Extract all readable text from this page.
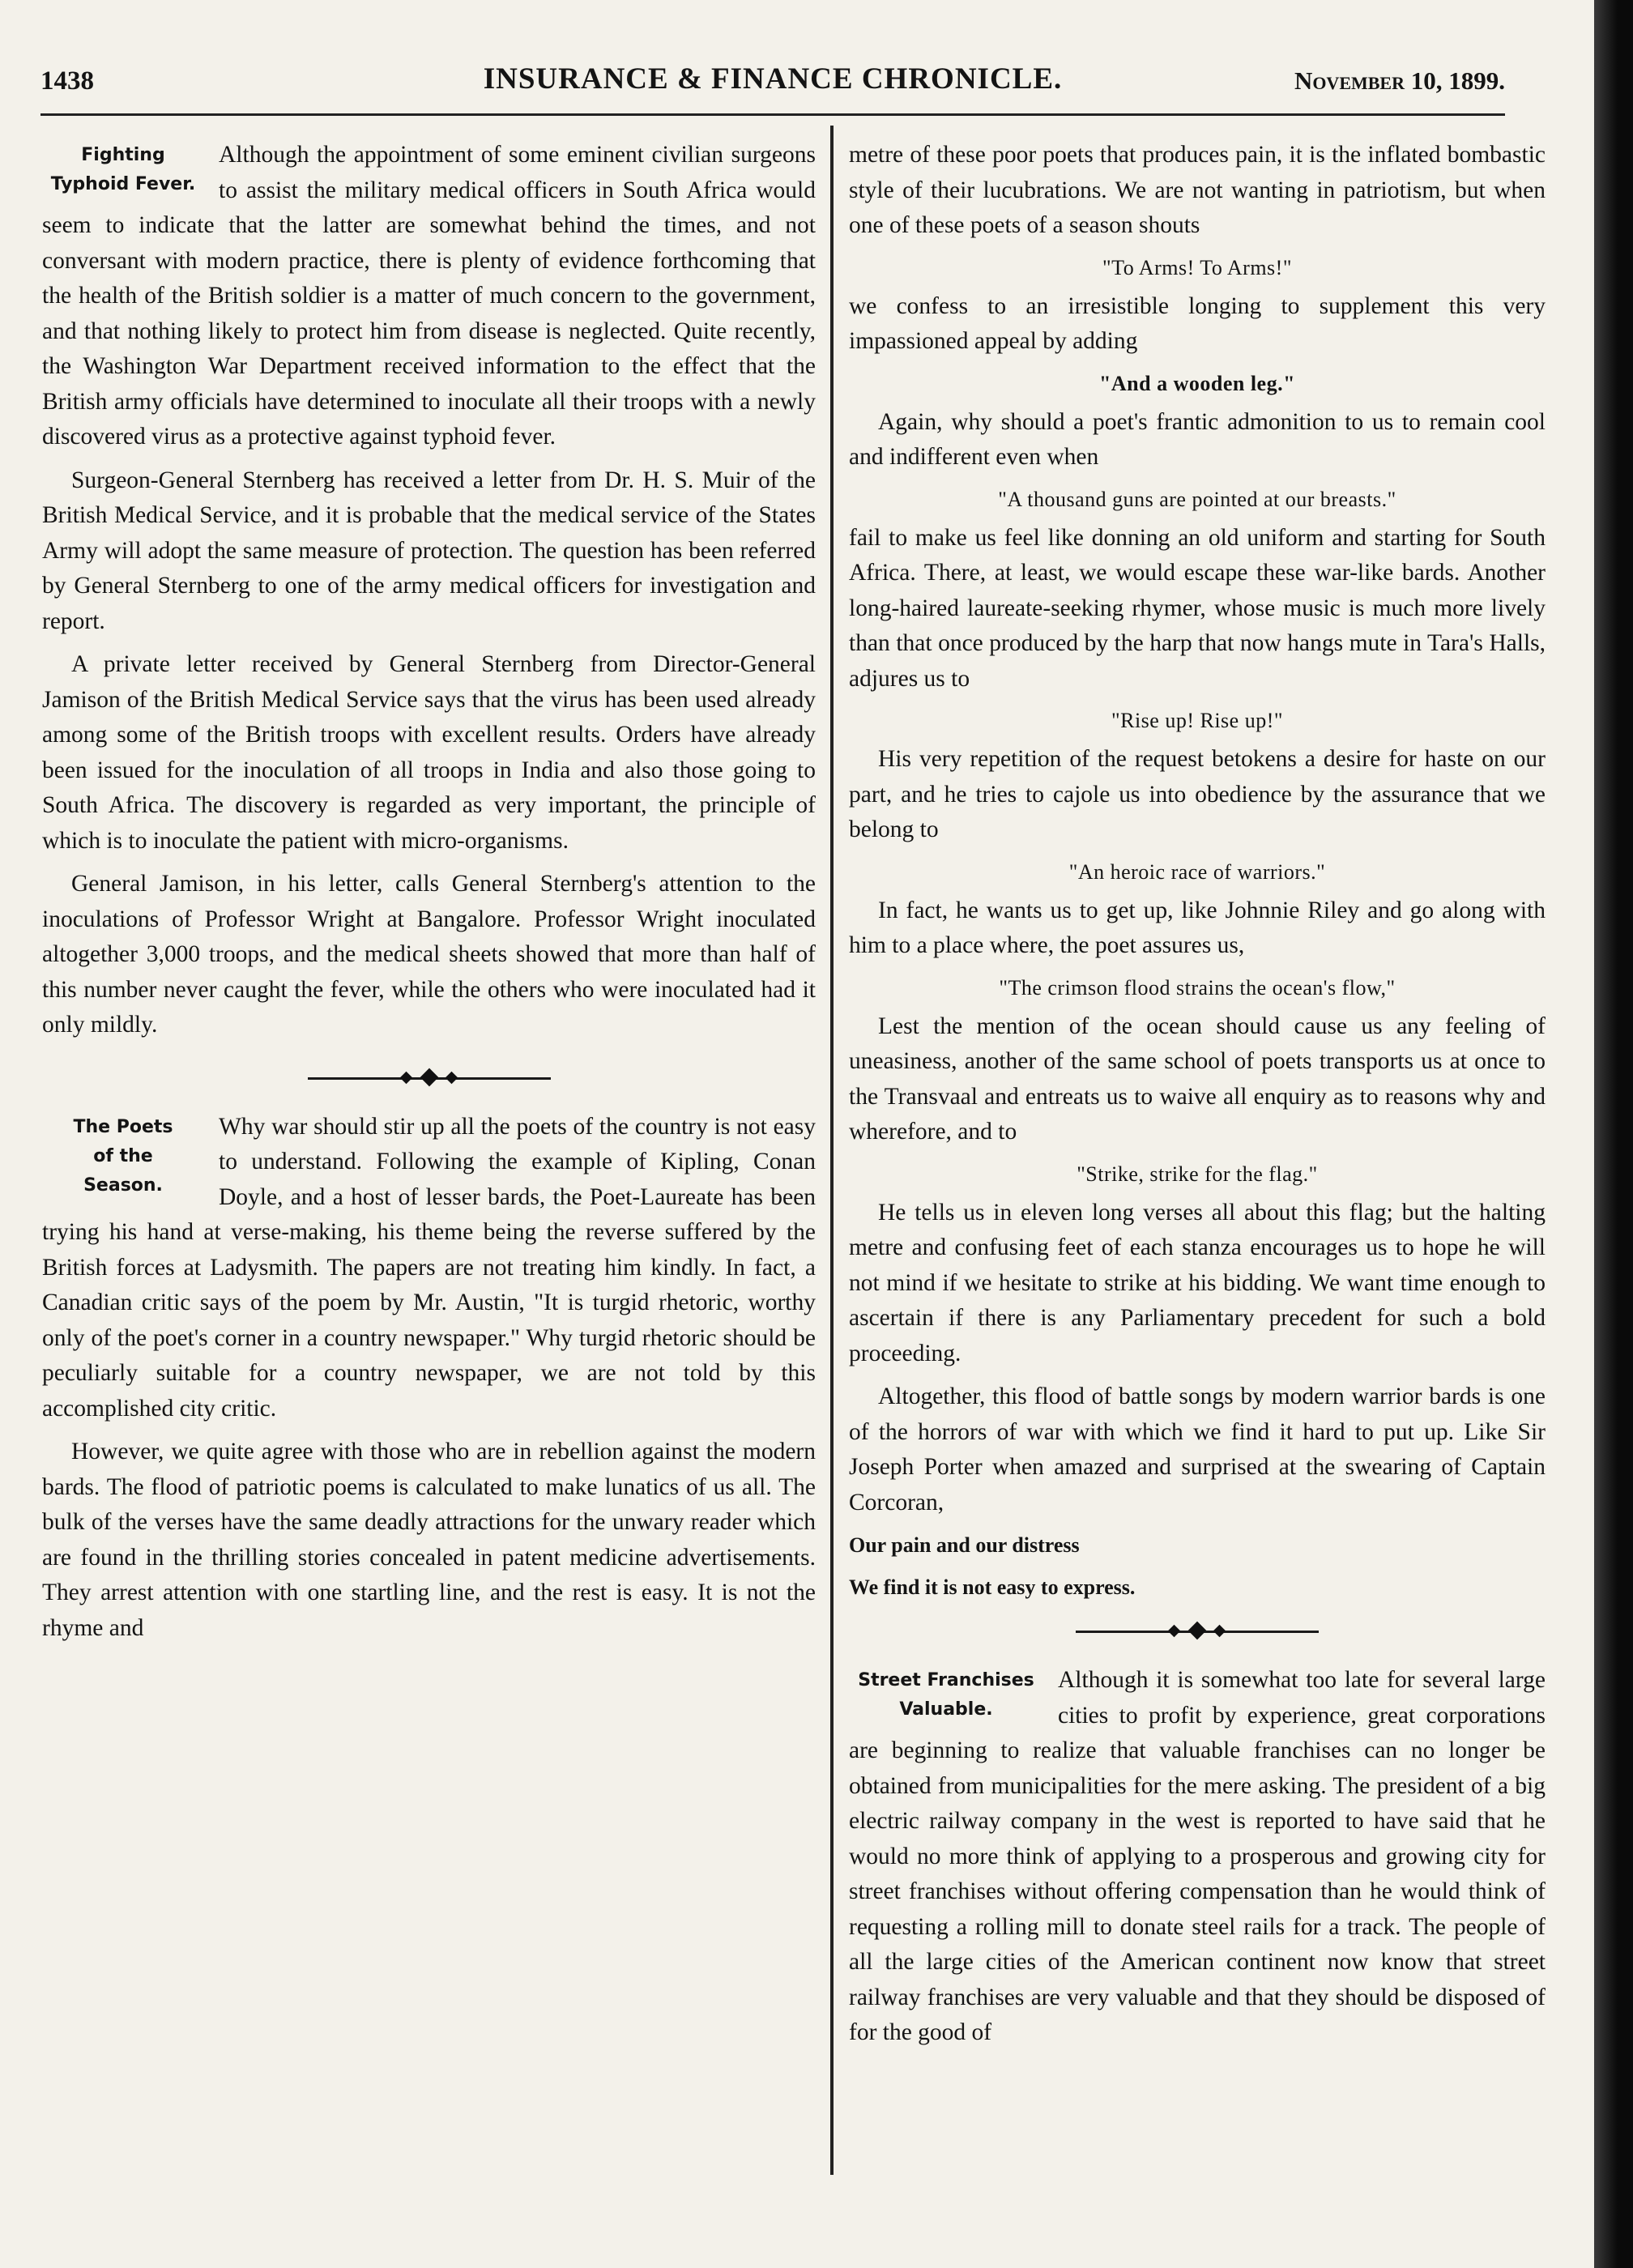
1438	INSURANCE & FINANCE CHRONICLE.	November 10, 1899.
Fighting
Typhoid Fever.

Although the appointment of some eminent civilian surgeons to assist the military medical officers in South Africa would seem to indicate that the latter are somewhat behind the times, and not conversant with modern practice, there is plenty of evidence forthcoming that the health of the British soldier is a matter of much concern to the government, and that nothing likely to protect him from disease is neglected. Quite recently, the Washington War Department received information to the effect that the British army officials have determined to inoculate all their troops with a newly discovered virus as a protective against typhoid fever.

Surgeon-General Sternberg has received a letter from Dr. H. S. Muir of the British Medical Service, and it is probable that the medical service of the States Army will adopt the same measure of protection. The question has been referred by General Sternberg to one of the army medical officers for investigation and report.

A private letter received by General Sternberg from Director-General Jamison of the British Medical Service says that the virus has been used already among some of the British troops with excellent results. Orders have already been issued for the inoculation of all troops in India and also those going to South Africa. The discovery is regarded as very important, the principle of which is to inoculate the patient with micro-organisms.

General Jamison, in his letter, calls General Sternberg's attention to the inoculations of Professor Wright at Bangalore. Professor Wright inoculated altogether 3,000 troops, and the medical sheets showed that more than half of this number never caught the fever, while the others who were inoculated had it only mildly.

The Poets
of the
Season.

Why war should stir up all the poets of the country is not easy to understand. Following the example of Kipling, Conan Doyle, and a host of lesser bards, the Poet-Laureate has been trying his hand at verse-making, his theme being the reverse suffered by the British forces at Ladysmith. The papers are not treating him kindly. In fact, a Canadian critic says of the poem by Mr. Austin, "It is turgid rhetoric, worthy only of the poet's corner in a country newspaper." Why turgid rhetoric should be peculiarly suitable for a country newspaper, we are not told by this accomplished city critic.

However, we quite agree with those who are in rebellion against the modern bards. The flood of patriotic poems is calculated to make lunatics of us all. The bulk of the verses have the same deadly attractions for the unwary reader which are found in the thrilling stories concealed in patent medicine advertisements. They arrest attention with one startling line, and the rest is easy. It is not the rhyme and

metre of these poor poets that produces pain, it is the inflated bombastic style of their lucubrations. We are not wanting in patriotism, but when one of these poets of a season shouts

"To Arms! To Arms!"

we confess to an irresistible longing to supplement this very impassioned appeal by adding

"And a wooden leg."

Again, why should a poet's frantic admonition to us to remain cool and indifferent even when

"A thousand guns are pointed at our breasts."

fail to make us feel like donning an old uniform and starting for South Africa. There, at least, we would escape these war-like bards. Another long-haired laureate-seeking rhymer, whose music is much more lively than that once produced by the harp that now hangs mute in Tara's Halls, adjures us to

"Rise up! Rise up!"

His very repetition of the request betokens a desire for haste on our part, and he tries to cajole us into obedience by the assurance that we belong to

"An heroic race of warriors."

In fact, he wants us to get up, like Johnnie Riley and go along with him to a place where, the poet assures us,

"The crimson flood strains the ocean's flow,"

Lest the mention of the ocean should cause us any feeling of uneasiness, another of the same school of poets transports us at once to the Transvaal and entreats us to waive all enquiry as to reasons why and wherefore, and to

"Strike, strike for the flag."

He tells us in eleven long verses all about this flag; but the halting metre and confusing feet of each stanza encourages us to hope he will not mind if we hesitate to strike at his bidding. We want time enough to ascertain if there is any Parliamentary precedent for such a bold proceeding.

Altogether, this flood of battle songs by modern warrior bards is one of the horrors of war with which we find it hard to put up. Like Sir Joseph Porter when amazed and surprised at the swearing of Captain Corcoran,

Our pain and our distress

We find it is not easy to express.

Street Franchises
Valuable.

Although it is somewhat too late for several large cities to profit by experience, great corporations are beginning to realize that valuable franchises can no longer be obtained from municipalities for the mere asking. The president of a big electric railway company in the west is reported to have said that he would no more think of applying to a prosperous and growing city for street franchises without offering compensation than he would think of requesting a rolling mill to donate steel rails for a track. The people of all the large cities of the American continent now know that street railway franchises are very valuable and that they should be disposed of for the good of
